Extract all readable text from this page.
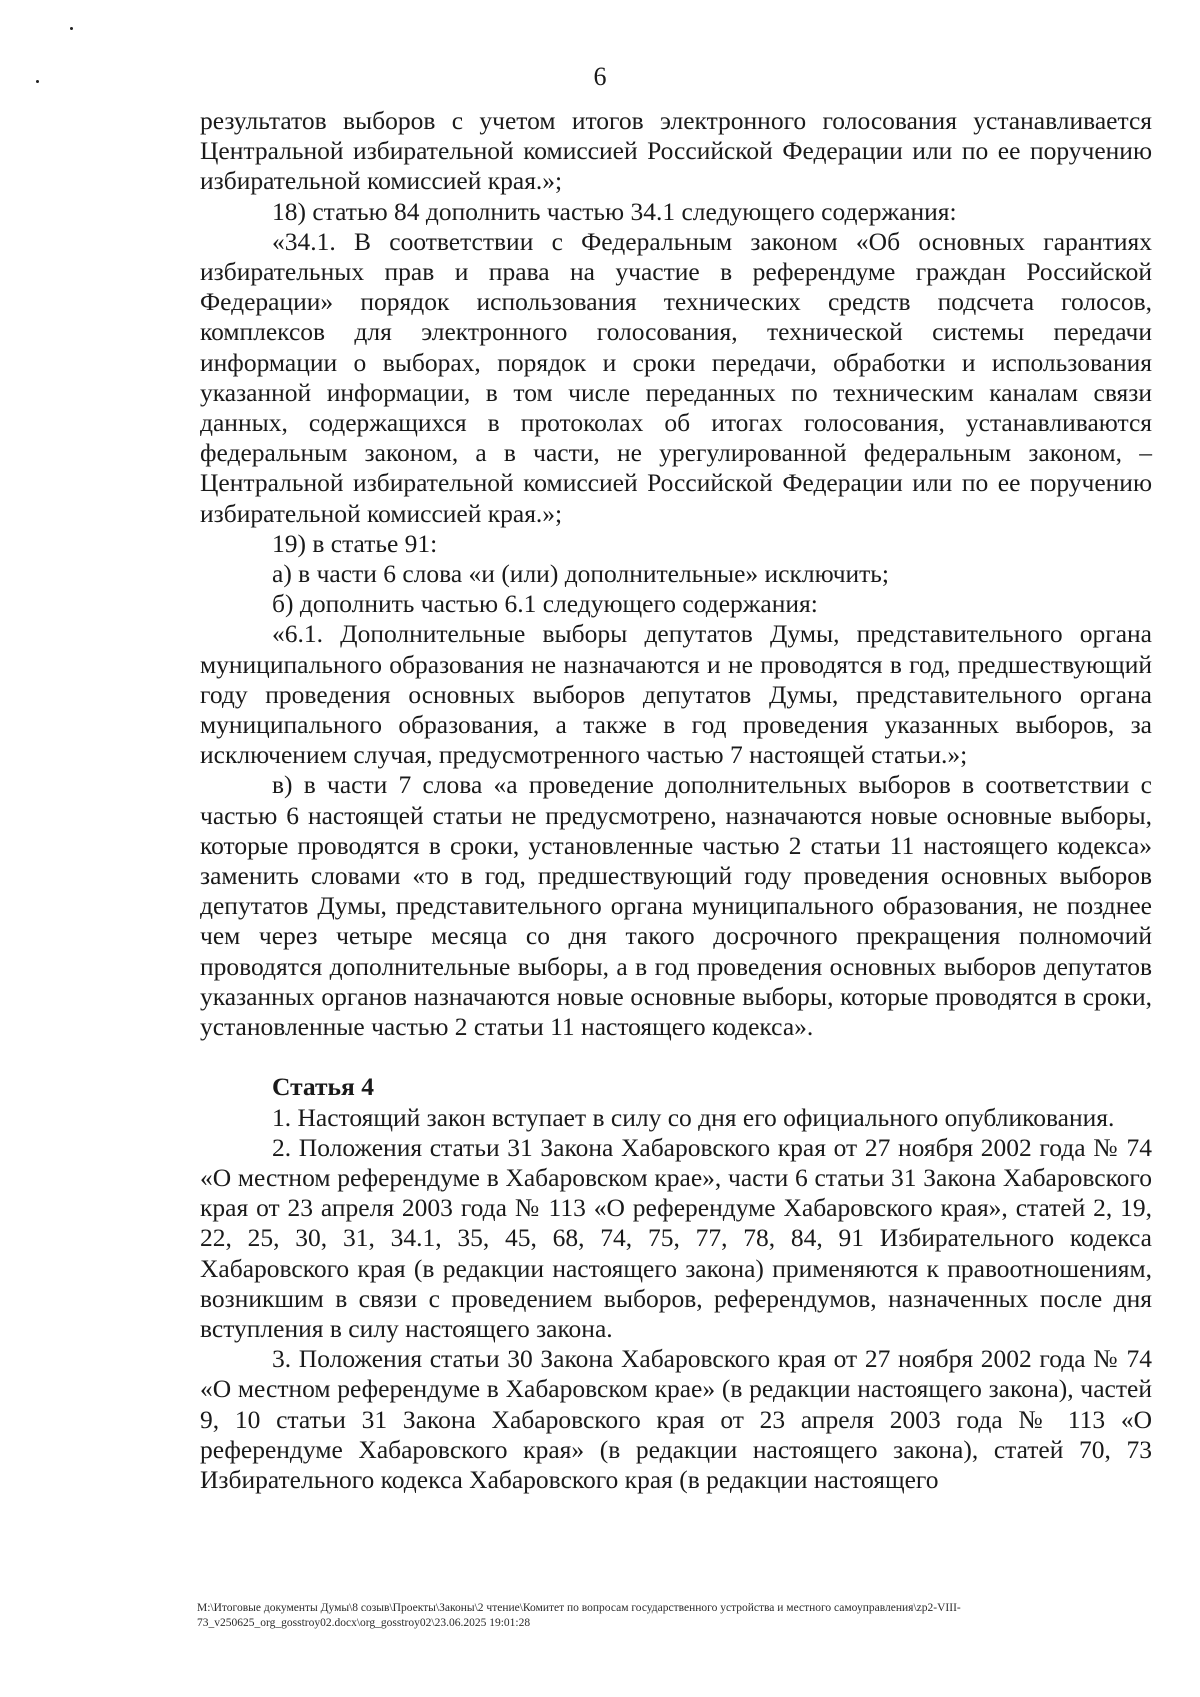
6

результатов выборов с учетом итогов электронного голосования устанавливается Центральной избирательной комиссией Российской Федерации или по ее поручению избирательной комиссией края.»;

18) статью 84 дополнить частью 34.1 следующего содержания:

«34.1. В соответствии с Федеральным законом «Об основных гарантиях избирательных прав и права на участие в референдуме граждан Российской Федерации» порядок использования технических средств подсчета голосов, комплексов для электронного голосования, технической системы передачи информации о выборах, порядок и сроки передачи, обработки и использования указанной информации, в том числе переданных по техническим каналам связи данных, содержащихся в протоколах об итогах голосования, устанавливаются федеральным законом, а в части, не урегулированной федеральным законом, – Центральной избирательной комиссией Российской Федерации или по ее поручению избирательной комиссией края.»;

19) в статье 91:

а) в части 6 слова «и (или) дополнительные» исключить;

б) дополнить частью 6.1 следующего содержания:

«6.1. Дополнительные выборы депутатов Думы, представительного органа муниципального образования не назначаются и не проводятся в год, предшествующий году проведения основных выборов депутатов Думы, представительного органа муниципального образования, а также в год проведения указанных выборов, за исключением случая, предусмотренного частью 7 настоящей статьи.»;

в) в части 7 слова «а проведение дополнительных выборов в соответствии с частью 6 настоящей статьи не предусмотрено, назначаются новые основные выборы, которые проводятся в сроки, установленные частью 2 статьи 11 настоящего кодекса» заменить словами «то в год, предшествующий году проведения основных выборов депутатов Думы, представительного органа муниципального образования, не позднее чем через четыре месяца со дня такого досрочного прекращения полномочий проводятся дополнительные выборы, а в год проведения основных выборов депутатов указанных органов назначаются новые основные выборы, которые проводятся в сроки, установленные частью 2 статьи 11 настоящего кодекса».

Статья 4

1. Настоящий закон вступает в силу со дня его официального опубликования.

2. Положения статьи 31 Закона Хабаровского края от 27 ноября 2002 года № 74 «О местном референдуме в Хабаровском крае», части 6 статьи 31 Закона Хабаровского края от 23 апреля 2003 года № 113 «О референдуме Хабаровского края», статей 2, 19, 22, 25, 30, 31, 34.1, 35, 45, 68, 74, 75, 77, 78, 84, 91 Избирательного кодекса Хабаровского края (в редакции настоящего закона) применяются к правоотношениям, возникшим в связи с проведением выборов, референдумов, назначенных после дня вступления в силу настоящего закона.

3. Положения статьи 30 Закона Хабаровского края от 27 ноября 2002 года № 74 «О местном референдуме в Хабаровском крае» (в редакции настоящего закона), частей 9, 10 статьи 31 Закона Хабаровского края от 23 апреля 2003 года № 113 «О референдуме Хабаровского края» (в редакции настоящего закона), статей 70, 73 Избирательного кодекса Хабаровского края (в редакции настоящего

М:\Итоговые документы Думы\8 созыв\Проекты\Законы\2 чтение\Комитет по вопросам государственного устройства и местного самоуправления\zp2-VIII-
73_v250625_org_gosstroy02.docx\org_gosstroy02\23.06.2025 19:01:28
